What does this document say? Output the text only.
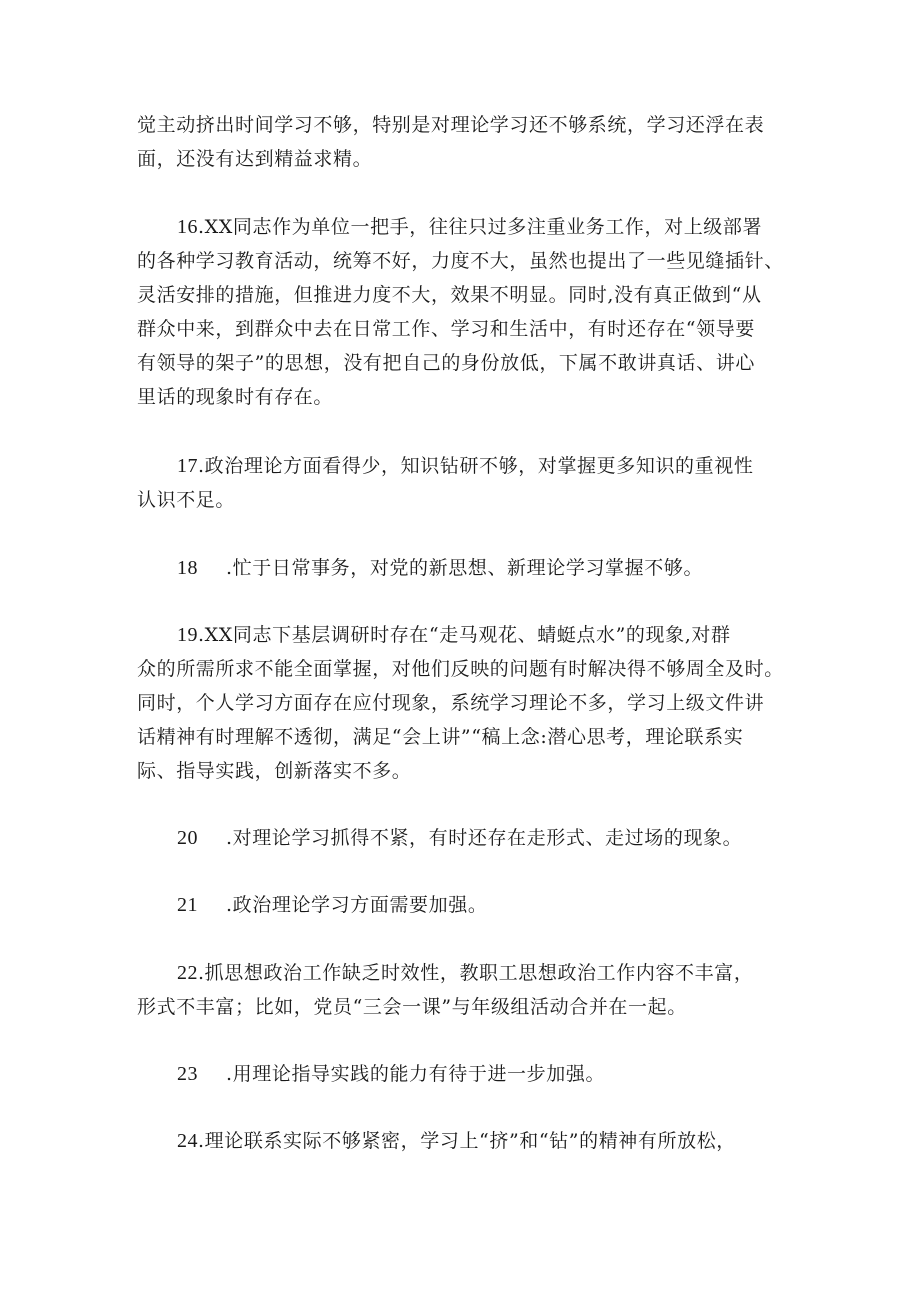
觉主动挤出时间学习不够，特别是对理论学习还不够系统，学习还浮在表
面，还没有达到精益求精。
16.XX同志作为单位一把手，往往只过多注重业务工作，对上级部署
的各种学习教育活动，统筹不好，力度不大，虽然也提出了一些见缝插针、
灵活安排的措施，但推进力度不大，效果不明显。同时,没有真正做到“从
群众中来，到群众中去在日常工作、学习和生活中，有时还存在“领导要
有领导的架子”的思想，没有把自己的身份放低，下属不敢讲真话、讲心
里话的现象时有存在。
17.政治理论方面看得少，知识钻研不够，对掌握更多知识的重视性
认识不足。
18 .忙于日常事务，对党的新思想、新理论学习掌握不够。
19.XX同志下基层调研时存在“走马观花、蜻蜓点水”的现象,对群
众的所需所求不能全面掌握，对他们反映的问题有时解决得不够周全及时。
同时，个人学习方面存在应付现象，系统学习理论不多，学习上级文件讲
话精神有时理解不透彻，满足“会上讲”“稿上念:潜心思考，理论联系实
际、指导实践，创新落实不多。
20 .对理论学习抓得不紧，有时还存在走形式、走过场的现象。
21 .政治理论学习方面需要加强。
22.抓思想政治工作缺乏时效性，教职工思想政治工作内容不丰富，
形式不丰富；比如，党员“三会一课”与年级组活动合并在一起。
23 .用理论指导实践的能力有待于进一步加强。
24.理论联系实际不够紧密，学习上“挤”和“钻”的精神有所放松，
